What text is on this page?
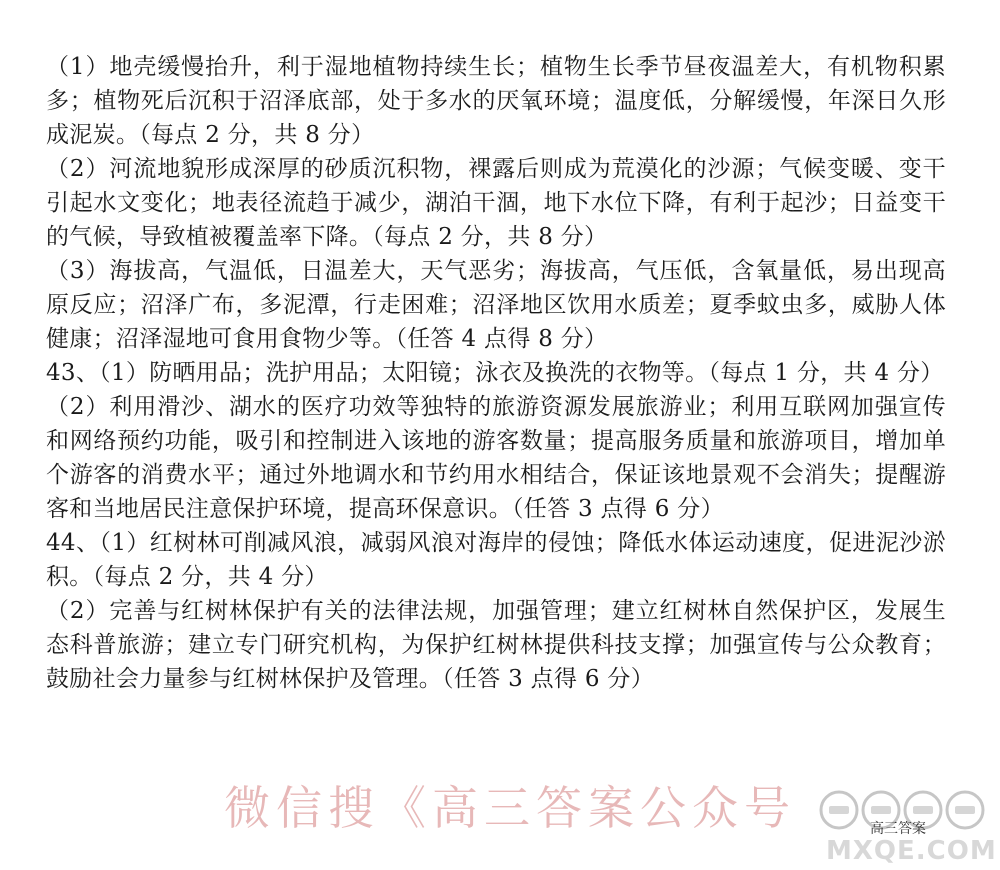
（1）地壳缓慢抬升，利于湿地植物持续生长；植物生长季节昼夜温差大，有机物积累多；植物死后沉积于沼泽底部，处于多水的厌氧环境；温度低，分解缓慢，年深日久形成泥炭。（每点 2 分，共 8 分）

（2）河流地貌形成深厚的砂质沉积物，裸露后则成为荒漠化的沙源；气候变暖、变干引起水文变化；地表径流趋于减少，湖泊干涸，地下水位下降，有利于起沙；日益变干的气候，导致植被覆盖率下降。（每点 2 分，共 8 分）

（3）海拔高，气温低，日温差大，天气恶劣；海拔高，气压低，含氧量低，易出现高原反应；沼泽广布，多泥潭，行走困难；沼泽地区饮用水质差；夏季蚊虫多，威胁人体健康；沼泽湿地可食用食物少等。（任答 4 点得 8 分）

43、（1）防晒用品；洗护用品；太阳镜；泳衣及换洗的衣物等。（每点 1 分，共 4 分）

（2）利用滑沙、湖水的医疗功效等独特的旅游资源发展旅游业；利用互联网加强宣传和网络预约功能，吸引和控制进入该地的游客数量；提高服务质量和旅游项目，增加单个游客的消费水平；通过外地调水和节约用水相结合，保证该地景观不会消失；提醒游客和当地居民注意保护环境，提高环保意识。（任答 3 点得 6 分）

44、（1）红树林可削减风浪，减弱风浪对海岸的侵蚀；降低水体运动速度，促进泥沙淤积。（每点 2 分，共 4 分）

（2）完善与红树林保护有关的法律法规，加强管理；建立红树林自然保护区，发展生态科普旅游；建立专门研究机构，为保护红树林提供科技支撑；加强宣传与公众教育；鼓励社会力量参与红树林保护及管理。（任答 3 点得 6 分）

微信搜《高三答案公众号	高三答案
MXQE.COM
